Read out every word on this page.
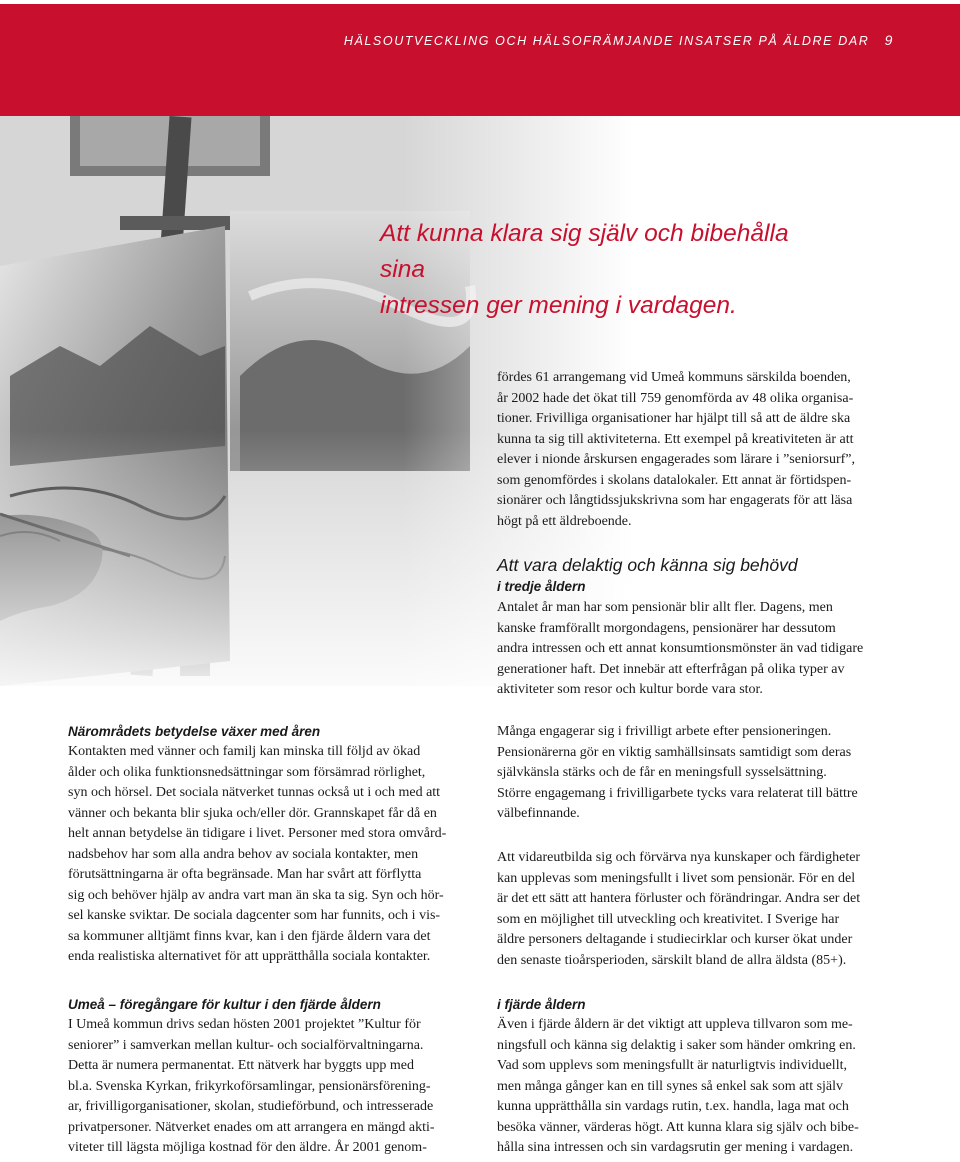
HÄLSOUTVECKLING OCH HÄLSOFRÄMJANDE INSATSER PÅ ÄLDRE DAR 9
Att kunna klara sig själv och bibehålla sina
intressen ger mening i vardagen.
fördes 61 arrangemang vid Umeå kommuns särskilda boenden,
år 2002 hade det ökat till 759 genomförda av 48 olika organisa-
tioner. Frivilliga organisationer har hjälpt till så att de äldre ska
kunna ta sig till aktiviteterna. Ett exempel på kreativiteten är att
elever i nionde årskursen engagerades som lärare i ”seniorsurf”,
som genomfördes i skolans datalokaler. Ett annat är förtidspen-
sionärer och långtidssjukskrivna som har engagerats för att läsa
högt på ett äldreboende.
Att vara delaktig och känna sig behövd
i tredje åldern
Antalet år man har som pensionär blir allt fler. Dagens, men
kanske framförallt morgondagens, pensionärer har dessutom
andra intressen och ett annat konsumtionsmönster än vad tidigare
generationer haft. Det innebär att efterfrågan på olika typer av
aktiviteter som resor och kultur borde vara stor.
Många engagerar sig i frivilligt arbete efter pensioneringen.
Pensionärerna gör en viktig samhällsinsats samtidigt som deras
självkänsla stärks och de får en meningsfull sysselsättning.
Större engagemang i frivilligarbete tycks vara relaterat till bättre
välbefinnande.
Att vidareutbilda sig och förvärva nya kunskaper och färdigheter
kan upplevas som meningsfullt i livet som pensionär. För en del
är det ett sätt att hantera förluster och förändringar. Andra ser det
som en möjlighet till utveckling och kreativitet. I Sverige har
äldre personers deltagande i studiecirklar och kurser ökat under
den senaste tioårsperioden, särskilt bland de allra äldsta (85+).
i fjärde åldern
Även i fjärde åldern är det viktigt att uppleva tillvaron som me-
ningsfull och känna sig delaktig i saker som händer omkring en.
Vad som upplevs som meningsfullt är naturligtvis individuellt,
men många gånger kan en till synes så enkel sak som att själv
kunna upprätthålla sin vardags rutin, t.ex. handla, laga mat och
besöka vänner, värderas högt. Att kunna klara sig själv och bibe-
hålla sina intressen och sin vardagsrutin ger mening i vardagen.
Närområdets betydelse växer med åren
Kontakten med vänner och familj kan minska till följd av ökad
ålder och olika funktionsnedsättningar som försämrad rörlighet,
syn och hörsel. Det sociala nätverket tunnas också ut i och med att
vänner och bekanta blir sjuka och/eller dör. Grannskapet får då en
helt annan betydelse än tidigare i livet. Personer med stora omvård-
nadsbehov har som alla andra behov av sociala kontakter, men
förutsättningarna är ofta begränsade. Man har svårt att förflytta
sig och behöver hjälp av andra vart man än ska ta sig. Syn och hör-
sel kanske sviktar. De sociala dagcenter som har funnits, och i vis-
sa kommuner alltjämt finns kvar, kan i den fjärde åldern vara det
enda realistiska alternativet för att upprätthålla sociala kontakter.
Umeå – föregångare för kultur i den fjärde åldern
I Umeå kommun drivs sedan hösten 2001 projektet ”Kultur för
seniorer” i samverkan mellan kultur- och socialförvaltningarna.
Detta är numera permanentat. Ett nätverk har byggts upp med
bl.a. Svenska Kyrkan, frikyrkoförsamlingar, pensionärsförening-
ar, frivilligorganisationer, skolan, studieförbund, och intresserade
privatpersoner. Nätverket enades om att arrangera en mängd akti-
viteter till lägsta möjliga kostnad för den äldre. År 2001 genom-
